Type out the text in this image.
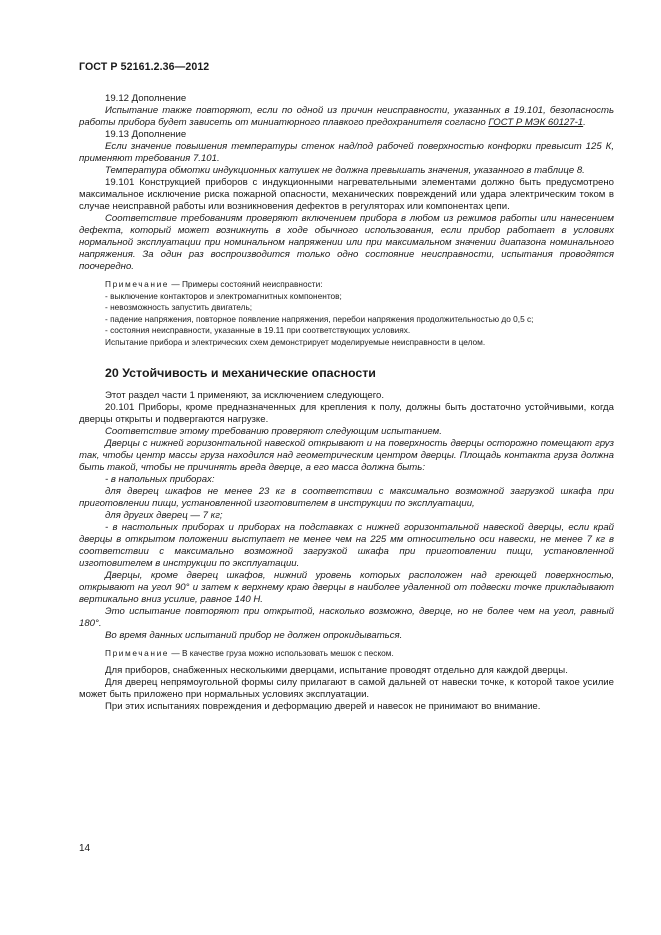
ГОСТ Р 52161.2.36—2012

19.12 Дополнение

Испытание также повторяют, если по одной из причин неисправности, указанных в 19.101, безопасность работы прибора будет зависеть от миниатюрного плавкого предохранителя согласно ГОСТ Р МЭК 60127-1.

19.13 Дополнение

Если значение повышения температуры стенок над/под рабочей поверхностью конфорки превысит 125 К, применяют требования 7.101.

Температура обмотки индукционных катушек не должна превышать значения, указанного в таблице 8.

19.101 Конструкцией приборов с индукционными нагревательными элементами должно быть предусмотрено максимальное исключение риска пожарной опасности, механических повреждений или удара электрическим током в случае неисправной работы или возникновения дефектов в регуляторах или компонентах цепи.

Соответствие требованиям проверяют включением прибора в любом из режимов работы или нанесением дефекта, который может возникнуть в ходе обычного использования, если прибор работает в условиях нормальной эксплуатации при номинальном напряжении или при максимальном значении диапазона номинального напряжения. За один раз воспроизводится только одно состояние неисправности, испытания проводятся поочередно.

Примечание — Примеры состояний неисправности:

- выключение контакторов и электромагнитных компонентов;

- невозможность запустить двигатель;

- падение напряжения, повторное появление напряжения, перебои напряжения продолжительностью до 0,5 с;

- состояния неисправности, указанные в 19.11 при соответствующих условиях.

Испытание прибора и электрических схем демонстрирует моделируемые неисправности в целом.

20 Устойчивость и механические опасности

Этот раздел части 1 применяют, за исключением следующего.

20.101 Приборы, кроме предназначенных для крепления к полу, должны быть достаточно устойчивыми, когда дверцы открыты и подвергаются нагрузке.

Соответствие этому требованию проверяют следующим испытанием.

Дверцы с нижней горизонтальной навеской открывают и на поверхность дверцы осторожно помещают груз так, чтобы центр массы груза находился над геометрическим центром дверцы. Площадь контакта груза должна быть такой, чтобы не причинять вреда дверце, а его масса должна быть:

- в напольных приборах:

для дверец шкафов не менее 23 кг в соответствии с максимально возможной загрузкой шкафа при приготовлении пищи, установленной изготовителем в инструкции по эксплуатации,

для других дверец — 7 кг;

- в настольных приборах и приборах на подставках с нижней горизонтальной навеской дверцы, если край дверцы в открытом положении выступает не менее чем на 225 мм относительно оси навески, не менее 7 кг в соответствии с максимально возможной загрузкой шкафа при приготовлении пищи, установленной изготовителем в инструкции по эксплуатации.

Дверцы, кроме дверец шкафов, нижний уровень которых расположен над греющей поверхностью, открывают на угол 90° и затем к верхнему краю дверцы в наиболее удаленной от подвески точке прикладывают вертикально вниз усилие, равное 140 Н.

Это испытание повторяют при открытой, насколько возможно, дверце, но не более чем на угол, равный 180°.

Во время данных испытаний прибор не должен опрокидываться.

Примечание — В качестве груза можно использовать мешок с песком.

Для приборов, снабженных несколькими дверцами, испытание проводят отдельно для каждой дверцы.

Для дверец непрямоугольной формы силу прилагают в самой дальней от навески точке, к которой такое усилие может быть приложено при нормальных условиях эксплуатации.

При этих испытаниях повреждения и деформацию дверей и навесок не принимают во внимание.

14
